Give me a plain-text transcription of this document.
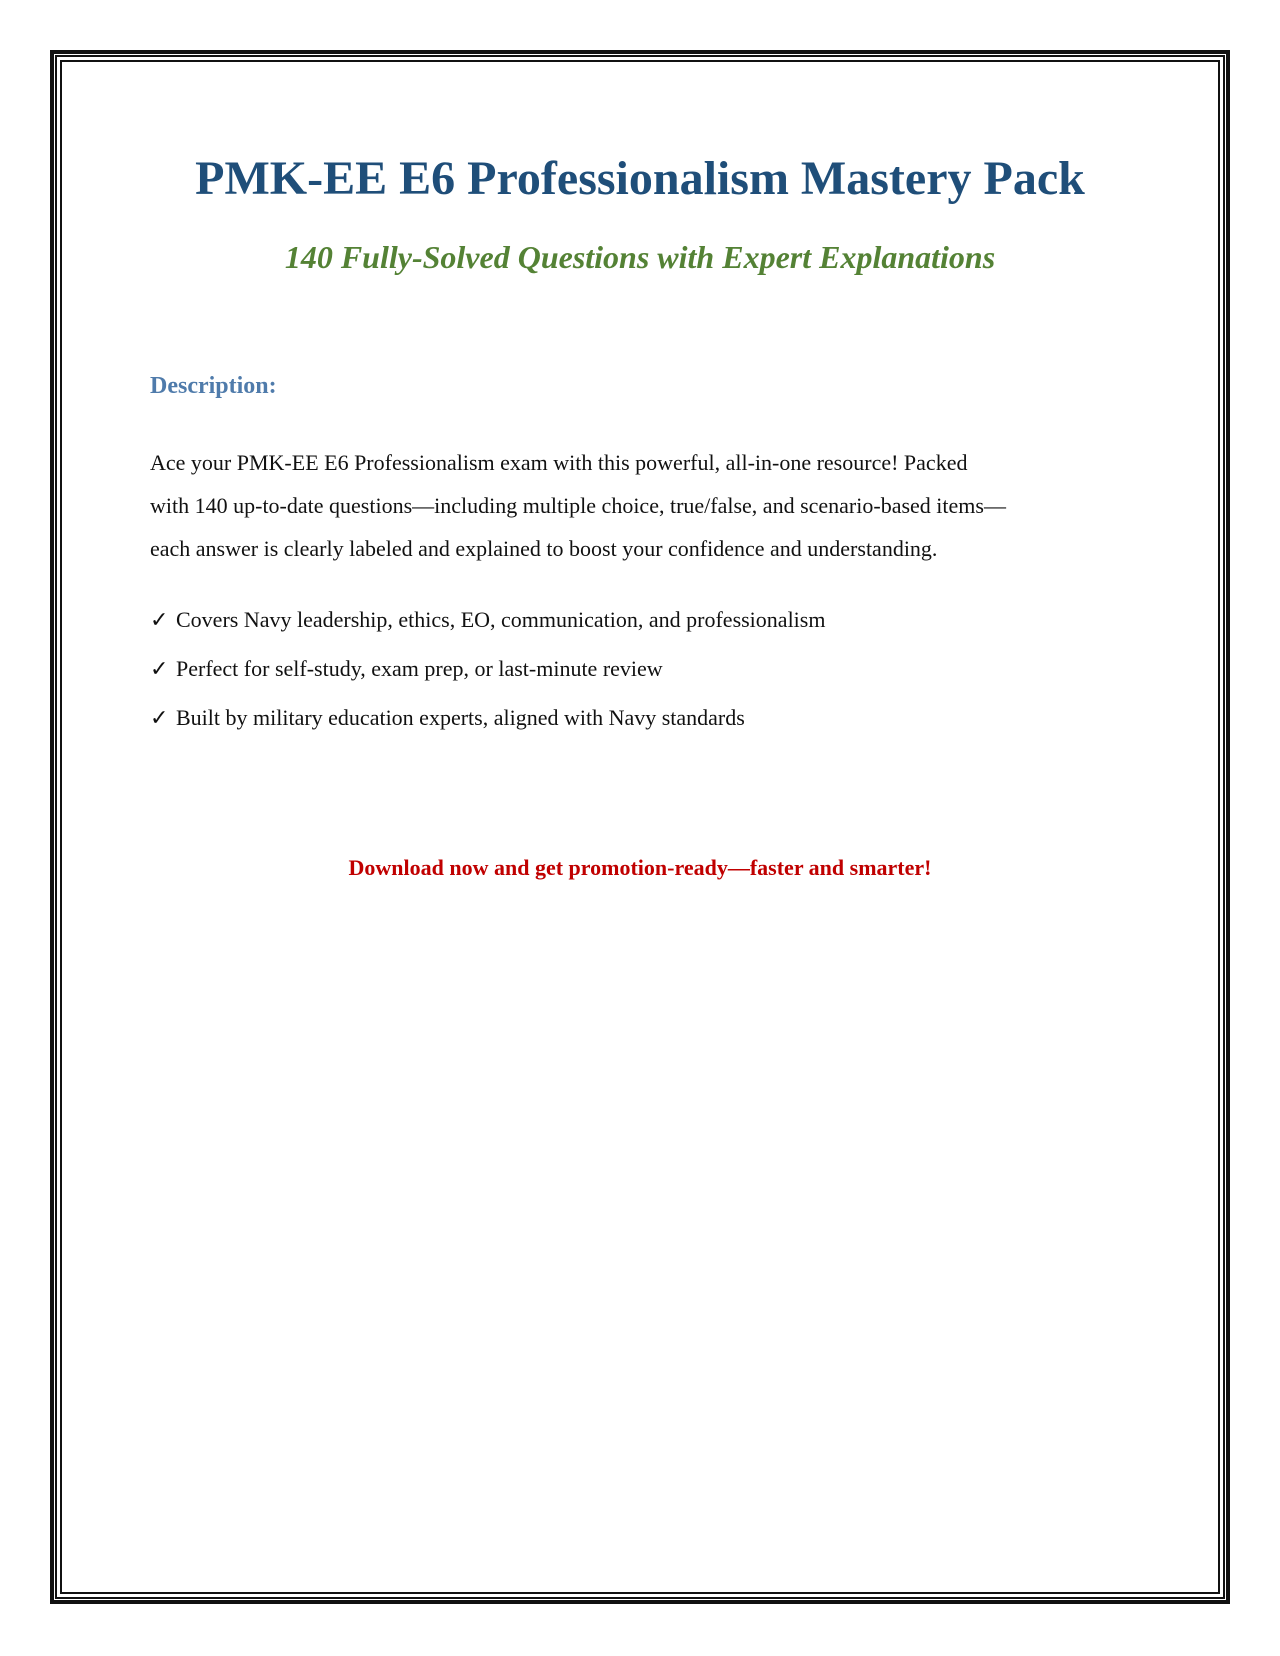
PMK-EE E6 Professionalism Mastery Pack
140 Fully-Solved Questions with Expert Explanations
Description:

Ace your PMK-EE E6 Professionalism exam with this powerful, all-in-one resource! Packed
with 140 up-to-date questions—including multiple choice, true/false, and scenario-based items—
each answer is clearly labeled and explained to boost your confidence and understanding.

✓ Covers Navy leadership, ethics, EO, communication, and professionalism
✓ Perfect for self-study, exam prep, or last-minute review
✓ Built by military education experts, aligned with Navy standards

Download now and get promotion-ready—faster and smarter!
